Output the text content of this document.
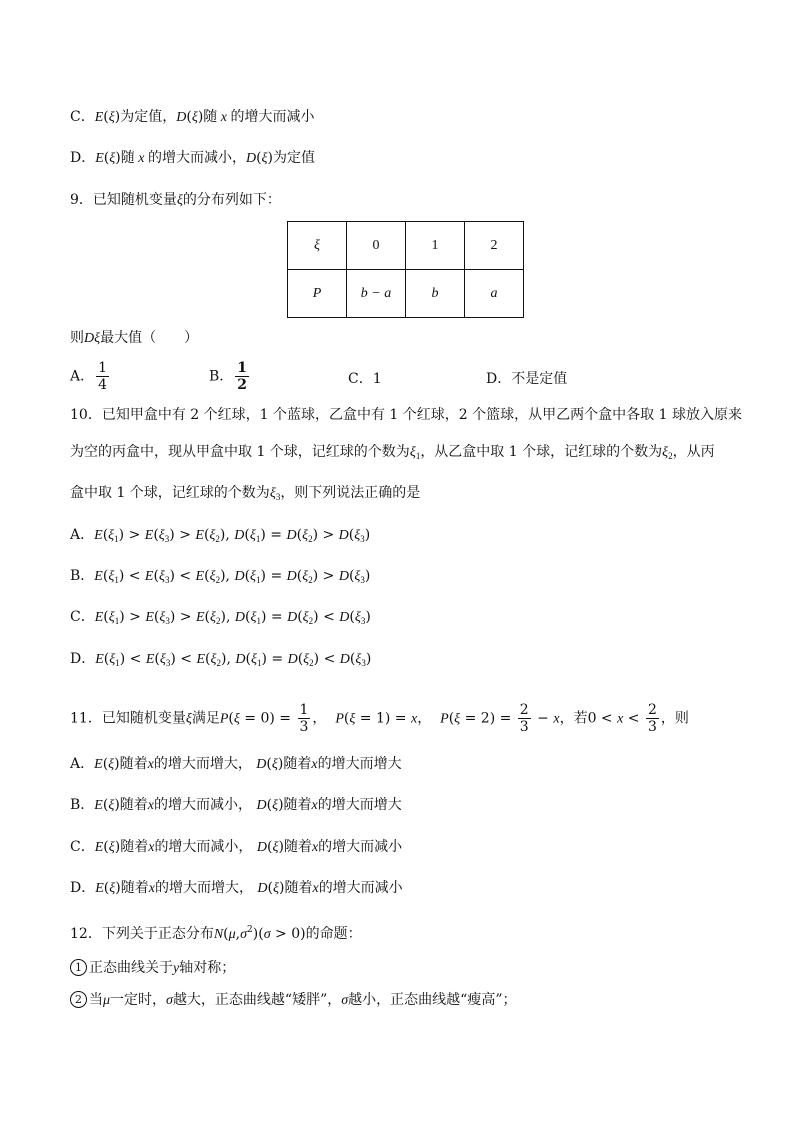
C．E(ξ)为定值，D(ξ)随 x 的增大而减小
D．E(ξ)随 x 的增大而减小，D(ξ)为定值
9．已知随机变量ξ的分布列如下：
ξ	0	1	2
P	b − a	b	a
则Dξ最大值（　　）
A． $\frac{1}{4}$	B． $\frac{1}{2}$	C．1	D．不是定值
10．已知甲盒中有 2 个红球，1 个蓝球，乙盒中有 1 个红球，2 个篮球，从甲乙两个盒中各取 1 球放入原来
为空的丙盒中，现从甲盒中取 1 个球，记红球的个数为$\xi_1$，从乙盒中取 1 个球，记红球的个数为$\xi_2$，从丙
盒中取 1 个球，记红球的个数为$\xi_3$，则下列说法正确的是
A．$E(\xi_1) > E(\xi_3) > E(\xi_2)$, $D(\xi_1) = D(\xi_2) > D(\xi_3)$
B．$E(\xi_1) < E(\xi_3) < E(\xi_2)$, $D(\xi_1) = D(\xi_2) > D(\xi_3)$
C．$E(\xi_1) > E(\xi_3) > E(\xi_2)$, $D(\xi_1) = D(\xi_2) < D(\xi_3)$
D．$E(\xi_1) < E(\xi_3) < E(\xi_2)$, $D(\xi_1) = D(\xi_2) < D(\xi_3)$
11．已知随机变量ξ满足$P(\xi = 0) = \frac{1}{3}$ ， P(ξ = 1) = x， $P(\xi = 2) = \frac{2}{3} - x$，若$0 < x < \frac{2}{3}$ ，则
A．E(ξ)随着x的增大而增大， D(ξ)随着x的增大而增大
B．E(ξ)随着x的增大而减小， D(ξ)随着x的增大而增大
C．E(ξ)随着x的增大而减小， D(ξ)随着x的增大而减小
D．E(ξ)随着x的增大而增大， D(ξ)随着x的增大而减小
12．下列关于正态分布$N(\mu,\sigma^2)(\sigma > 0)$的命题：
1 正态曲线关于y轴对称；
2 当μ一定时，σ越大，正态曲线越“矮胖”，σ越小，正态曲线越“瘦高”；
